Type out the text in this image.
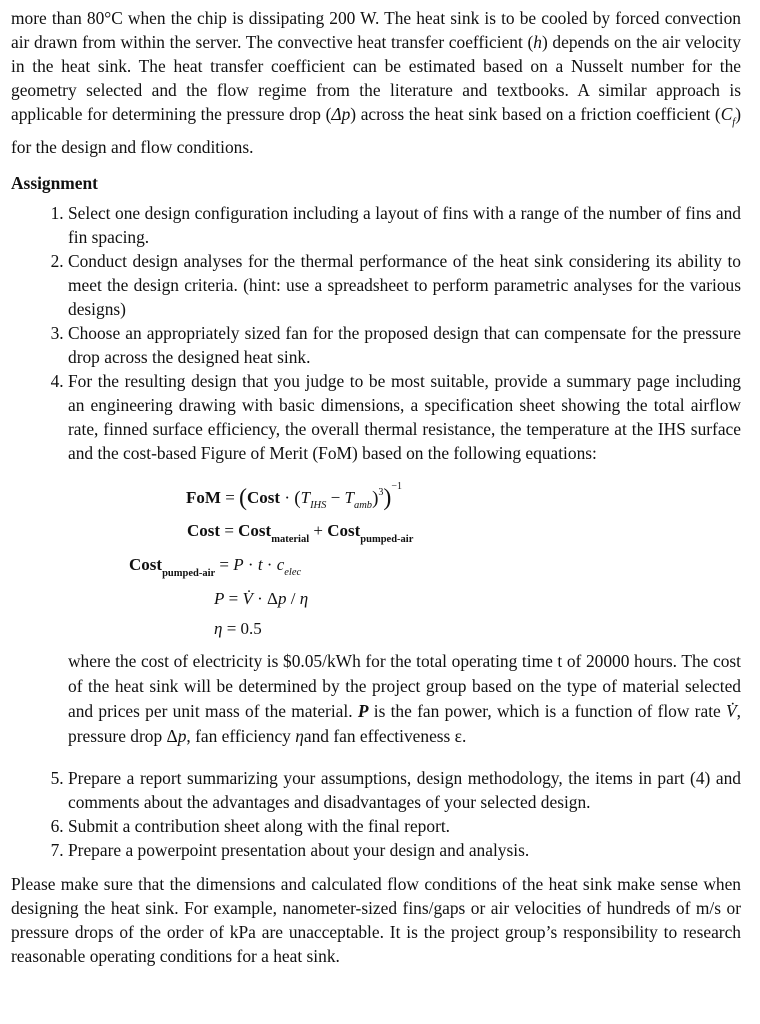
more than 80°C when the chip is dissipating 200 W. The heat sink is to be cooled by forced convection air drawn from within the server. The convective heat transfer coefficient (h) depends on the air velocity in the heat sink. The heat transfer coefficient can be estimated based on a Nusselt number for the geometry selected and the flow regime from the literature and textbooks. A similar approach is applicable for determining the pressure drop (Δp) across the heat sink based on a friction coefficient $(C_f)$ for the design and flow conditions.

Assignment
1. Select one design configuration including a layout of fins with a range of the number of fins and fin spacing.
2. Conduct design analyses for the thermal performance of the heat sink considering its ability to meet the design criteria. (hint: use a spreadsheet to perform parametric analyses for the various designs)
3. Choose an appropriately sized fan for the proposed design that can compensate for the pressure drop across the designed heat sink.
4. For the resulting design that you judge to be most suitable, provide a summary page including an engineering drawing with basic dimensions, a specification sheet showing the total airflow rate, finned surface efficiency, the overall thermal resistance, the temperature at the IHS surface and the cost-based Figure of Merit (FoM) based on the following equations:
FoM = (Cost · $(T_{IHS} - T_{amb})^3)^{-1}$
Cost = Cost$_{material}$ + Cost$_{pumped-air}$
Cost$_{pumped-air}$ = $P \cdot t \cdot c_{elec}$
P = V̇ · Δp / η
η = 0.5

where the cost of electricity is $0.05/kWh for the total operating time t of 20000 hours. The cost of the heat sink will be determined by the project group based on the type of material selected and prices per unit mass of the material. P is the fan power, which is a function of flow rate V̇, pressure drop Δp, fan efficiency ηand fan effectiveness ε.

5. Prepare a report summarizing your assumptions, design methodology, the items in part (4) and comments about the advantages and disadvantages of your selected design.
6. Submit a contribution sheet along with the final report.
7. Prepare a powerpoint presentation about your design and analysis.

Please make sure that the dimensions and calculated flow conditions of the heat sink make sense when designing the heat sink. For example, nanometer-sized fins/gaps or air velocities of hundreds of m/s or pressure drops of the order of kPa are unacceptable. It is the project group’s responsibility to research reasonable operating conditions for a heat sink.
